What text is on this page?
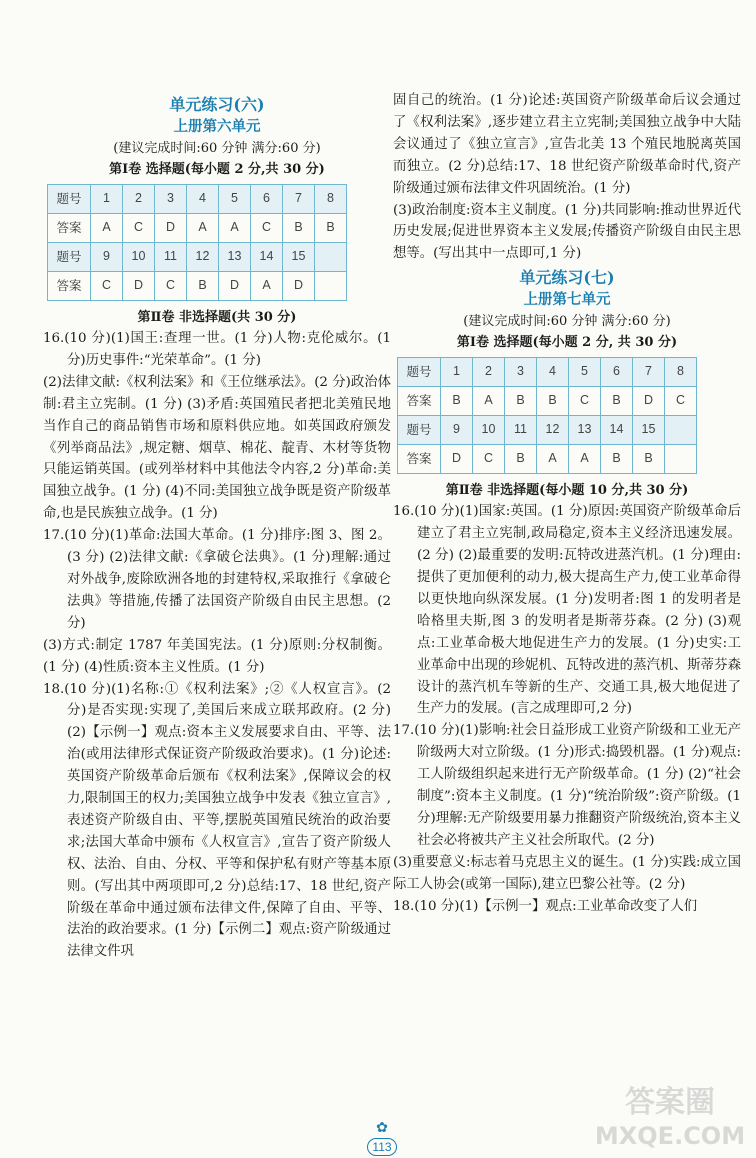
单元练习(六)
上册第六单元
(建议完成时间:60 分钟 满分:60 分)
第Ⅰ卷 选择题(每小题 2 分,共 30 分)
题号	1	2	3	4	5	6	7	8
答案	A	C	D	A	A	C	B	B
题号	9	10	11	12	13	14	15	
答案	C	D	C	B	D	A	D	
第Ⅱ卷 非选择题(共 30 分)
16.(10 分)(1)国王:查理一世。(1 分)人物:克伦威尔。(1 分)历史事件:“光荣革命”。(1 分)
(2)法律文献:《权利法案》和《王位继承法》。(2 分)政治体制:君主立宪制。(1 分) (3)矛盾:英国殖民者把北美殖民地当作自己的商品销售市场和原料供应地。如英国政府颁发《列举商品法》,规定糖、烟草、棉花、靛青、木材等货物只能运销英国。(或列举材料中其他法令内容,2 分)革命:美国独立战争。(1 分) (4)不同:美国独立战争既是资产阶级革命,也是民族独立战争。(1 分)
17.(10 分)(1)革命:法国大革命。(1 分)排序:图 3、图 2。(3 分) (2)法律文献:《拿破仑法典》。(1 分)理解:通过对外战争,废除欧洲各地的封建特权,采取推行《拿破仑法典》等措施,传播了法国资产阶级自由民主思想。(2 分)
(3)方式:制定 1787 年美国宪法。(1 分)原则:分权制衡。(1 分) (4)性质:资本主义性质。(1 分)
18.(10 分)(1)名称:①《权利法案》;②《人权宣言》。(2 分)是否实现:实现了,美国后来成立联邦政府。(2 分) (2)【示例一】观点:资本主义发展要求自由、平等、法治(或用法律形式保证资产阶级政治要求)。(1 分)论述:英国资产阶级革命后颁布《权利法案》,保障议会的权力,限制国王的权力;美国独立战争中发表《独立宣言》,表述资产阶级自由、平等,摆脱英国殖民统治的政治要求;法国大革命中颁布《人权宣言》,宣告了资产阶级人权、法治、自由、分权、平等和保护私有财产等基本原则。(写出其中两项即可,2 分)总结:17、18 世纪,资产阶级在革命中通过颁布法律文件,保障了自由、平等、法治的政治要求。(1 分)【示例二】观点:资产阶级通过法律文件巩
固自己的统治。(1 分)论述:英国资产阶级革命后议会通过了《权利法案》,逐步建立君主立宪制;美国独立战争中大陆会议通过了《独立宣言》,宣告北美 13 个殖民地脱离英国而独立。(2 分)总结:17、18 世纪资产阶级革命时代,资产阶级通过颁布法律文件巩固统治。(1 分)
(3)政治制度:资本主义制度。(1 分)共同影响:推动世界近代历史发展;促进世界资本主义发展;传播资产阶级自由民主思想等。(写出其中一点即可,1 分)
单元练习(七)
上册第七单元
(建议完成时间:60 分钟 满分:60 分)
第Ⅰ卷 选择题(每小题 2 分, 共 30 分)
题号	1	2	3	4	5	6	7	8
答案	B	A	B	B	C	B	D	C
题号	9	10	11	12	13	14	15	
答案	D	C	B	A	A	B	B	
第Ⅱ卷 非选择题(每小题 10 分,共 30 分)
16.(10 分)(1)国家:英国。(1 分)原因:英国资产阶级革命后建立了君主立宪制,政局稳定,资本主义经济迅速发展。(2 分) (2)最重要的发明:瓦特改进蒸汽机。(1 分)理由:提供了更加便利的动力,极大提高生产力,使工业革命得以更快地向纵深发展。(1 分)发明者:图 1 的发明者是哈格里夫斯,图 3 的发明者是斯蒂芬森。(2 分) (3)观点:工业革命极大地促进生产力的发展。(1 分)史实:工业革命中出现的珍妮机、瓦特改进的蒸汽机、斯蒂芬森设计的蒸汽机车等新的生产、交通工具,极大地促进了生产力的发展。(言之成理即可,2 分)
17.(10 分)(1)影响:社会日益形成工业资产阶级和工业无产阶级两大对立阶级。(1 分)形式:捣毁机器。(1 分)观点:工人阶级组织起来进行无产阶级革命。(1 分) (2)“社会制度”:资本主义制度。(1 分)“统治阶级”:资产阶级。(1 分)理解:无产阶级要用暴力推翻资产阶级统治,资本主义社会必将被共产主义社会所取代。(2 分)
(3)重要意义:标志着马克思主义的诞生。(1 分)实践:成立国际工人协会(或第一国际),建立巴黎公社等。(2 分)
18.(10 分)(1)【示例一】观点:工业革命改变了人们
✿ 113
答案圈
MXQE.COM
